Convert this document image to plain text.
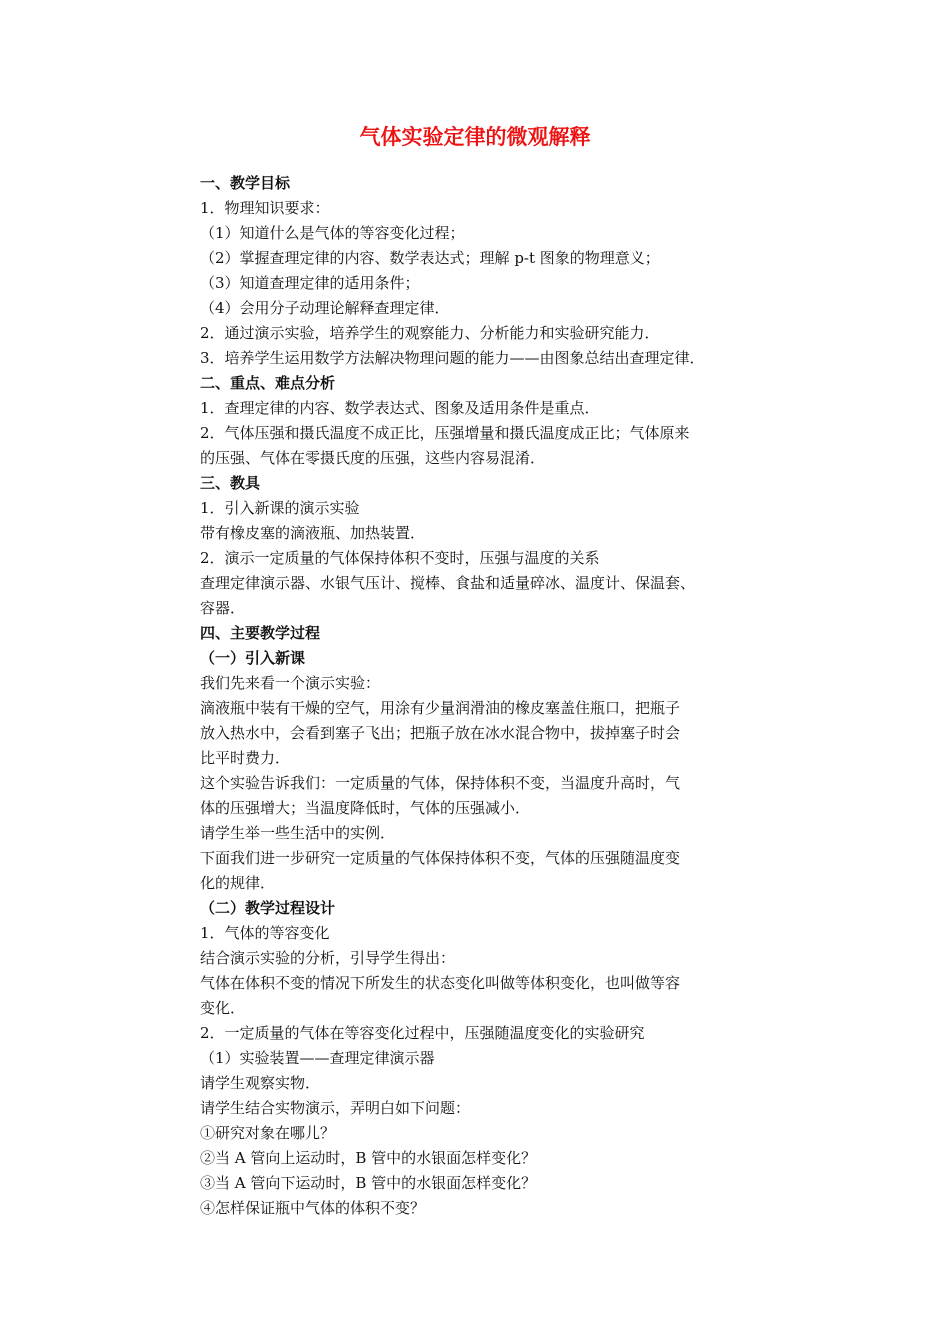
气体实验定律的微观解释
一、教学目标
1．物理知识要求：
（1）知道什么是气体的等容变化过程；
（2）掌握查理定律的内容、数学表达式；理解 p-t 图象的物理意义；
（3）知道查理定律的适用条件；
（4）会用分子动理论解释查理定律．
2．通过演示实验，培养学生的观察能力、分析能力和实验研究能力．
3．培养学生运用数学方法解决物理问题的能力——由图象总结出查理定律．
二、重点、难点分析
1．查理定律的内容、数学表达式、图象及适用条件是重点．
2．气体压强和摄氏温度不成正比，压强增量和摄氏温度成正比；气体原来
的压强、气体在零摄氏度的压强，这些内容易混淆．
三、教具
1．引入新课的演示实验
带有橡皮塞的滴液瓶、加热装置．
2．演示一定质量的气体保持体积不变时，压强与温度的关系
查理定律演示器、水银气压计、搅棒、食盐和适量碎冰、温度计、保温套、
容器．
四、主要教学过程
（一）引入新课
我们先来看一个演示实验：
滴液瓶中装有干燥的空气，用涂有少量润滑油的橡皮塞盖住瓶口，把瓶子
放入热水中，会看到塞子飞出；把瓶子放在冰水混合物中，拔掉塞子时会
比平时费力．
这个实验告诉我们：一定质量的气体，保持体积不变，当温度升高时，气
体的压强增大；当温度降低时，气体的压强减小．
请学生举一些生活中的实例．
下面我们进一步研究一定质量的气体保持体积不变，气体的压强随温度变
化的规律．
（二）教学过程设计
1．气体的等容变化
结合演示实验的分析，引导学生得出：
气体在体积不变的情况下所发生的状态变化叫做等体积变化，也叫做等容
变化．
2．一定质量的气体在等容变化过程中，压强随温度变化的实验研究
（1）实验装置——查理定律演示器
请学生观察实物．
请学生结合实物演示，弄明白如下问题：
①研究对象在哪儿？
②当 A 管向上运动时，B 管中的水银面怎样变化？
③当 A 管向下运动时，B 管中的水银面怎样变化？
④怎样保证瓶中气体的体积不变？
